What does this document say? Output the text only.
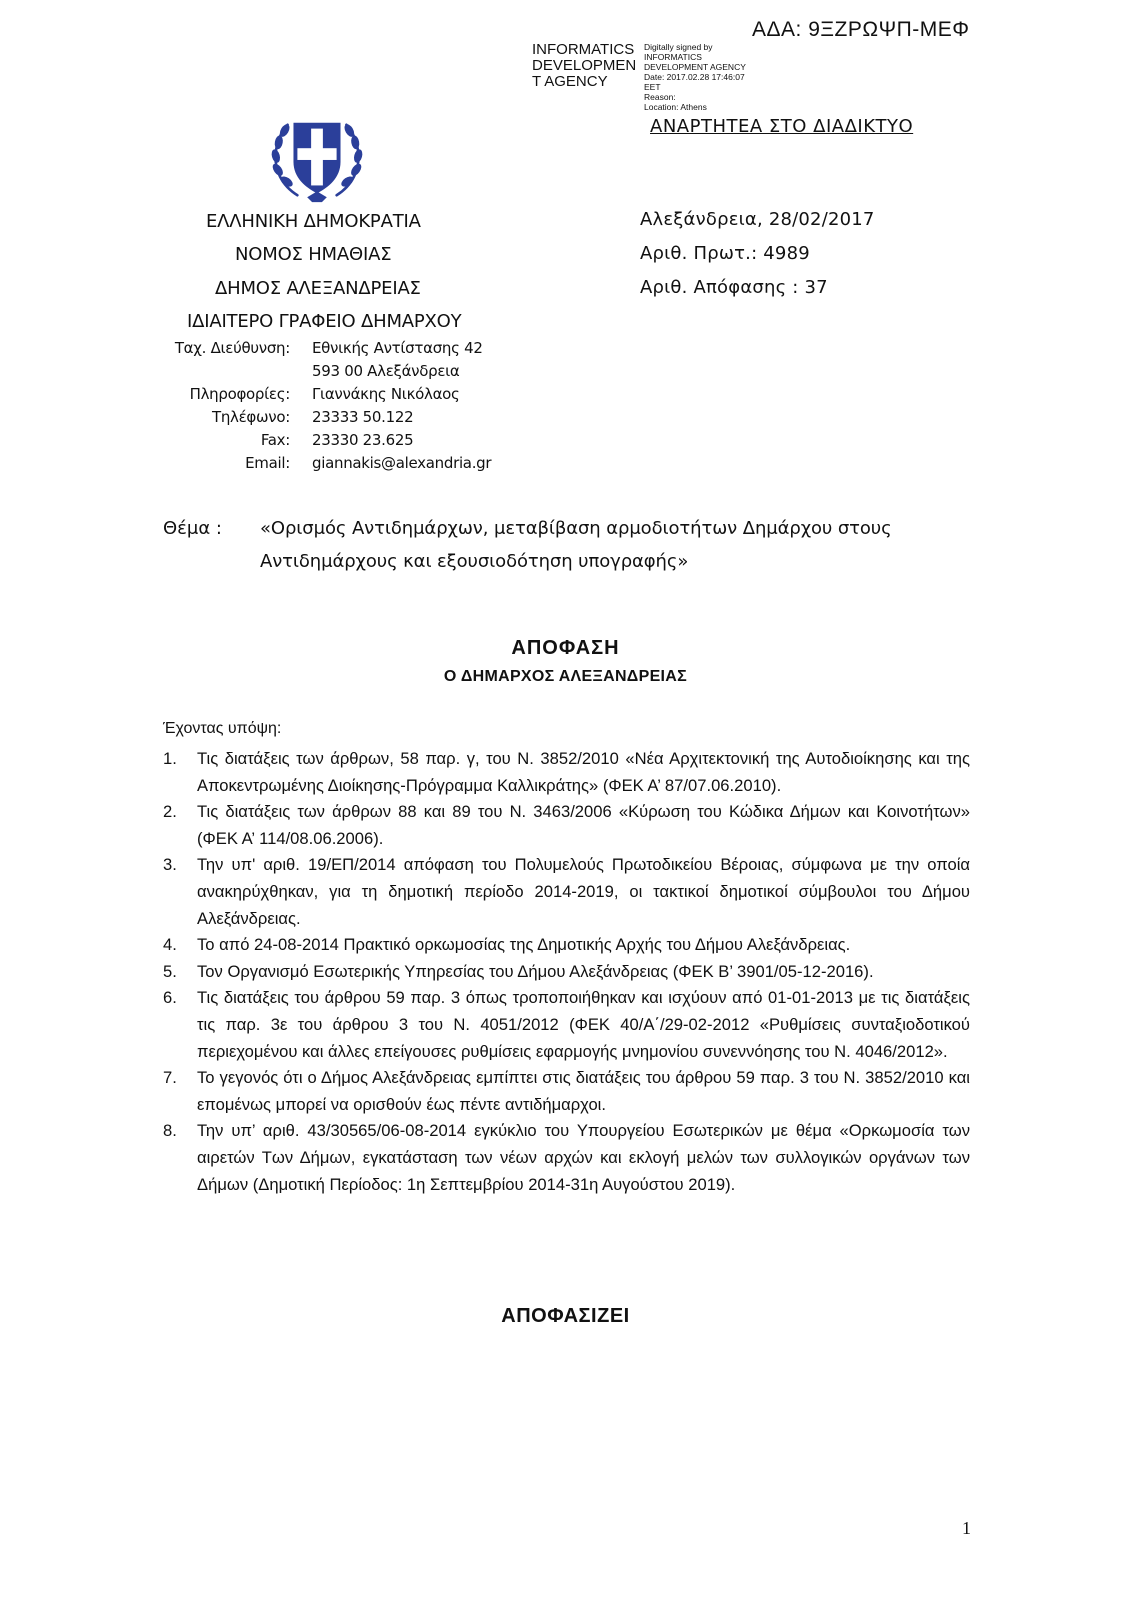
ΑΔΑ: 9ΞΖΡΩΨΠ-ΜΕΦ
INFORMATICS
DEVELOPMEN
T AGENCY
Digitally signed by
INFORMATICS
DEVELOPMENT AGENCY
Date: 2017.02.28 17:46:07
EET
Reason:
Location: Athens
ΑΝΑΡΤΗΤΕΑ ΣΤΟ ΔΙΑΔΙΚΤΥΟ
ΕΛΛΗΝΙΚΗ ΔΗΜΟΚΡΑΤΙΑ
ΝΟΜΟΣ ΗΜΑΘΙΑΣ
ΔΗΜΟΣ ΑΛΕΞΑΝΔΡΕΙΑΣ
ΙΔΙΑΙΤΕΡΟ ΓΡΑΦΕΙΟ ΔΗΜΑΡΧΟΥ
Αλεξάνδρεια, 28/02/2017
Αριθ. Πρωτ.: 4989
Αριθ. Απόφασης : 37
Ταχ. Διεύθυνση: Εθνικής Αντίστασης 42
593 00 Αλεξάνδρεια
Πληροφορίες: Γιαννάκης Νικόλαος
Τηλέφωνο: 23333 50.122
Fax: 23330 23.625
Email: giannakis@alexandria.gr
Θέμα : «Ορισμός Αντιδημάρχων, μεταβίβαση αρμοδιοτήτων Δημάρχου στους
Αντιδημάρχους και εξουσιοδότηση υπογραφής»
ΑΠΟΦΑΣΗ
Ο ΔΗΜΑΡΧΟΣ ΑΛΕΞΑΝΔΡΕΙΑΣ
Έχοντας υπόψη:
1. Τις διατάξεις των άρθρων, 58 παρ. γ, του Ν. 3852/2010 «Νέα Αρχιτεκτονική της Αυτοδιοίκησης και της Αποκεντρωμένης Διοίκησης-Πρόγραμμα Καλλικράτης» (ΦΕΚ Α’ 87/07.06.2010).
2. Τις διατάξεις των άρθρων 88 και 89 του Ν. 3463/2006 «Κύρωση του Κώδικα Δήμων και Κοινοτήτων» (ΦΕΚ Α’ 114/08.06.2006).
3. Την υπ' αριθ. 19/ΕΠ/2014 απόφαση του Πολυμελούς Πρωτοδικείου Βέροιας, σύμφωνα με την οποία ανακηρύχθηκαν, για τη δημοτική περίοδο 2014-2019, οι τακτικοί δημοτικοί σύμβουλοι του Δήμου Αλεξάνδρειας.
4. Το από 24-08-2014 Πρακτικό ορκωμοσίας της Δημοτικής Αρχής του Δήμου Αλεξάνδρειας.
5. Τον Οργανισμό Εσωτερικής Υπηρεσίας του Δήμου Αλεξάνδρειας (ΦΕΚ Β’ 3901/05-12-2016).
6. Τις διατάξεις του άρθρου 59 παρ. 3 όπως τροποποιήθηκαν και ισχύουν από 01-01-2013 με τις διατάξεις τις παρ. 3ε του άρθρου 3 του Ν. 4051/2012 (ΦΕΚ 40/Α΄/29-02-2012 «Ρυθμίσεις συνταξιοδοτικού περιεχομένου και άλλες επείγουσες ρυθμίσεις εφαρμογής μνημονίου συνεννόησης του Ν. 4046/2012».
7. Το γεγονός ότι ο Δήμος Αλεξάνδρειας εμπίπτει στις διατάξεις του άρθρου 59 παρ. 3 του Ν. 3852/2010 και επομένως μπορεί να ορισθούν έως πέντε αντιδήμαρχοι.
8. Την υπ’ αριθ. 43/30565/06-08-2014 εγκύκλιο του Υπουργείου Εσωτερικών με θέμα «Ορκωμοσία των αιρετών Των Δήμων, εγκατάσταση των νέων αρχών και εκλογή μελών των συλλογικών οργάνων των Δήμων (Δημοτική Περίοδος: 1η Σεπτεμβρίου 2014-31η Αυγούστου 2019).
ΑΠΟΦΑΣΙΖΕΙ
1
